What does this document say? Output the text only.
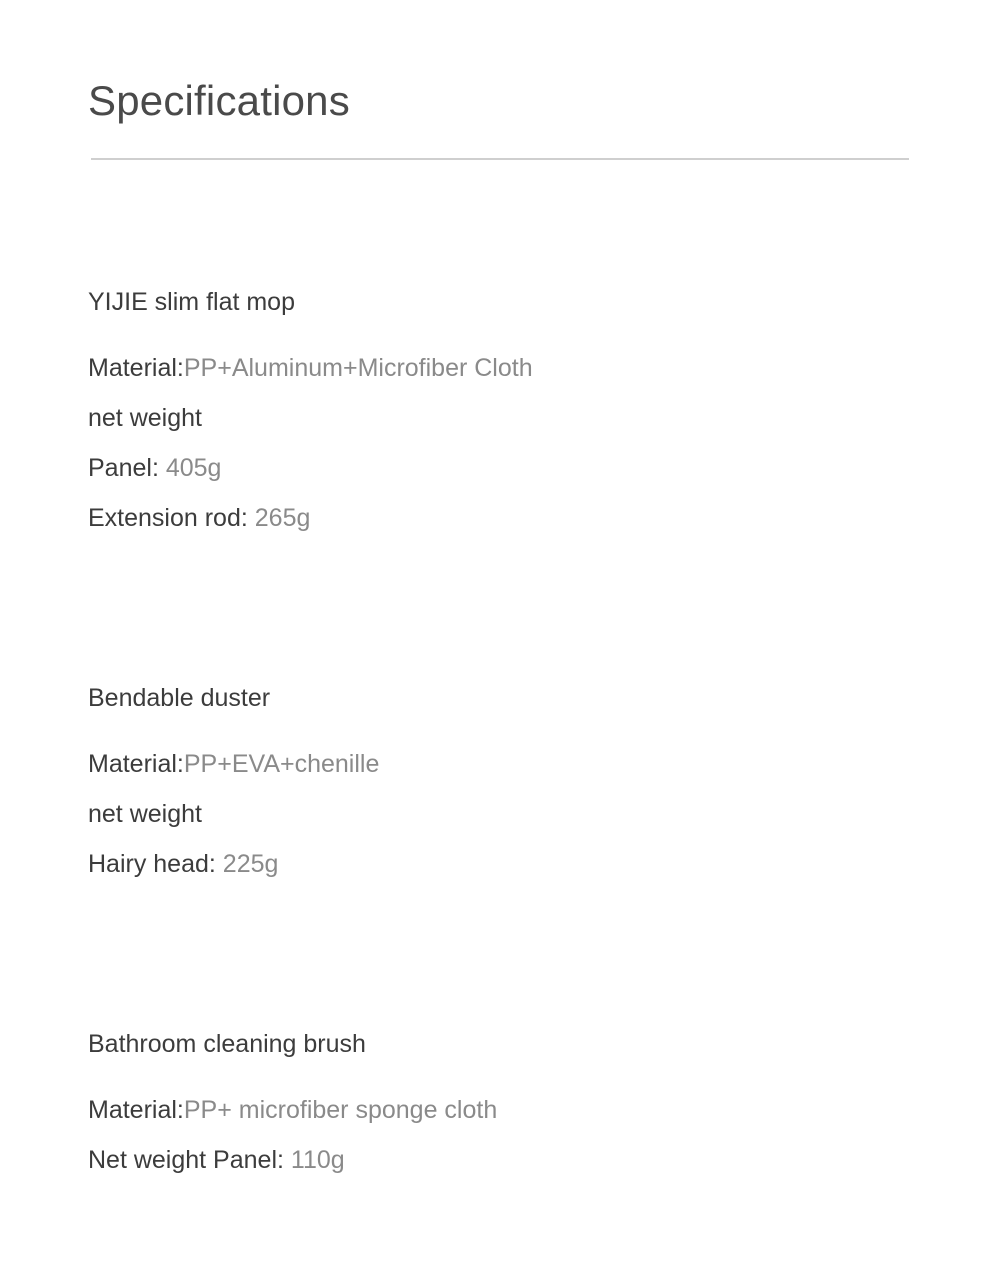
Specifications
YIJIE slim flat mop
Material:PP+Aluminum+Microfiber Cloth
net weight
Panel: 405g
Extension rod: 265g
Bendable duster
Material:PP+EVA+chenille
net weight
Hairy head: 225g
Bathroom cleaning brush
Material:PP+ microfiber sponge cloth
Net weight Panel: 110g
